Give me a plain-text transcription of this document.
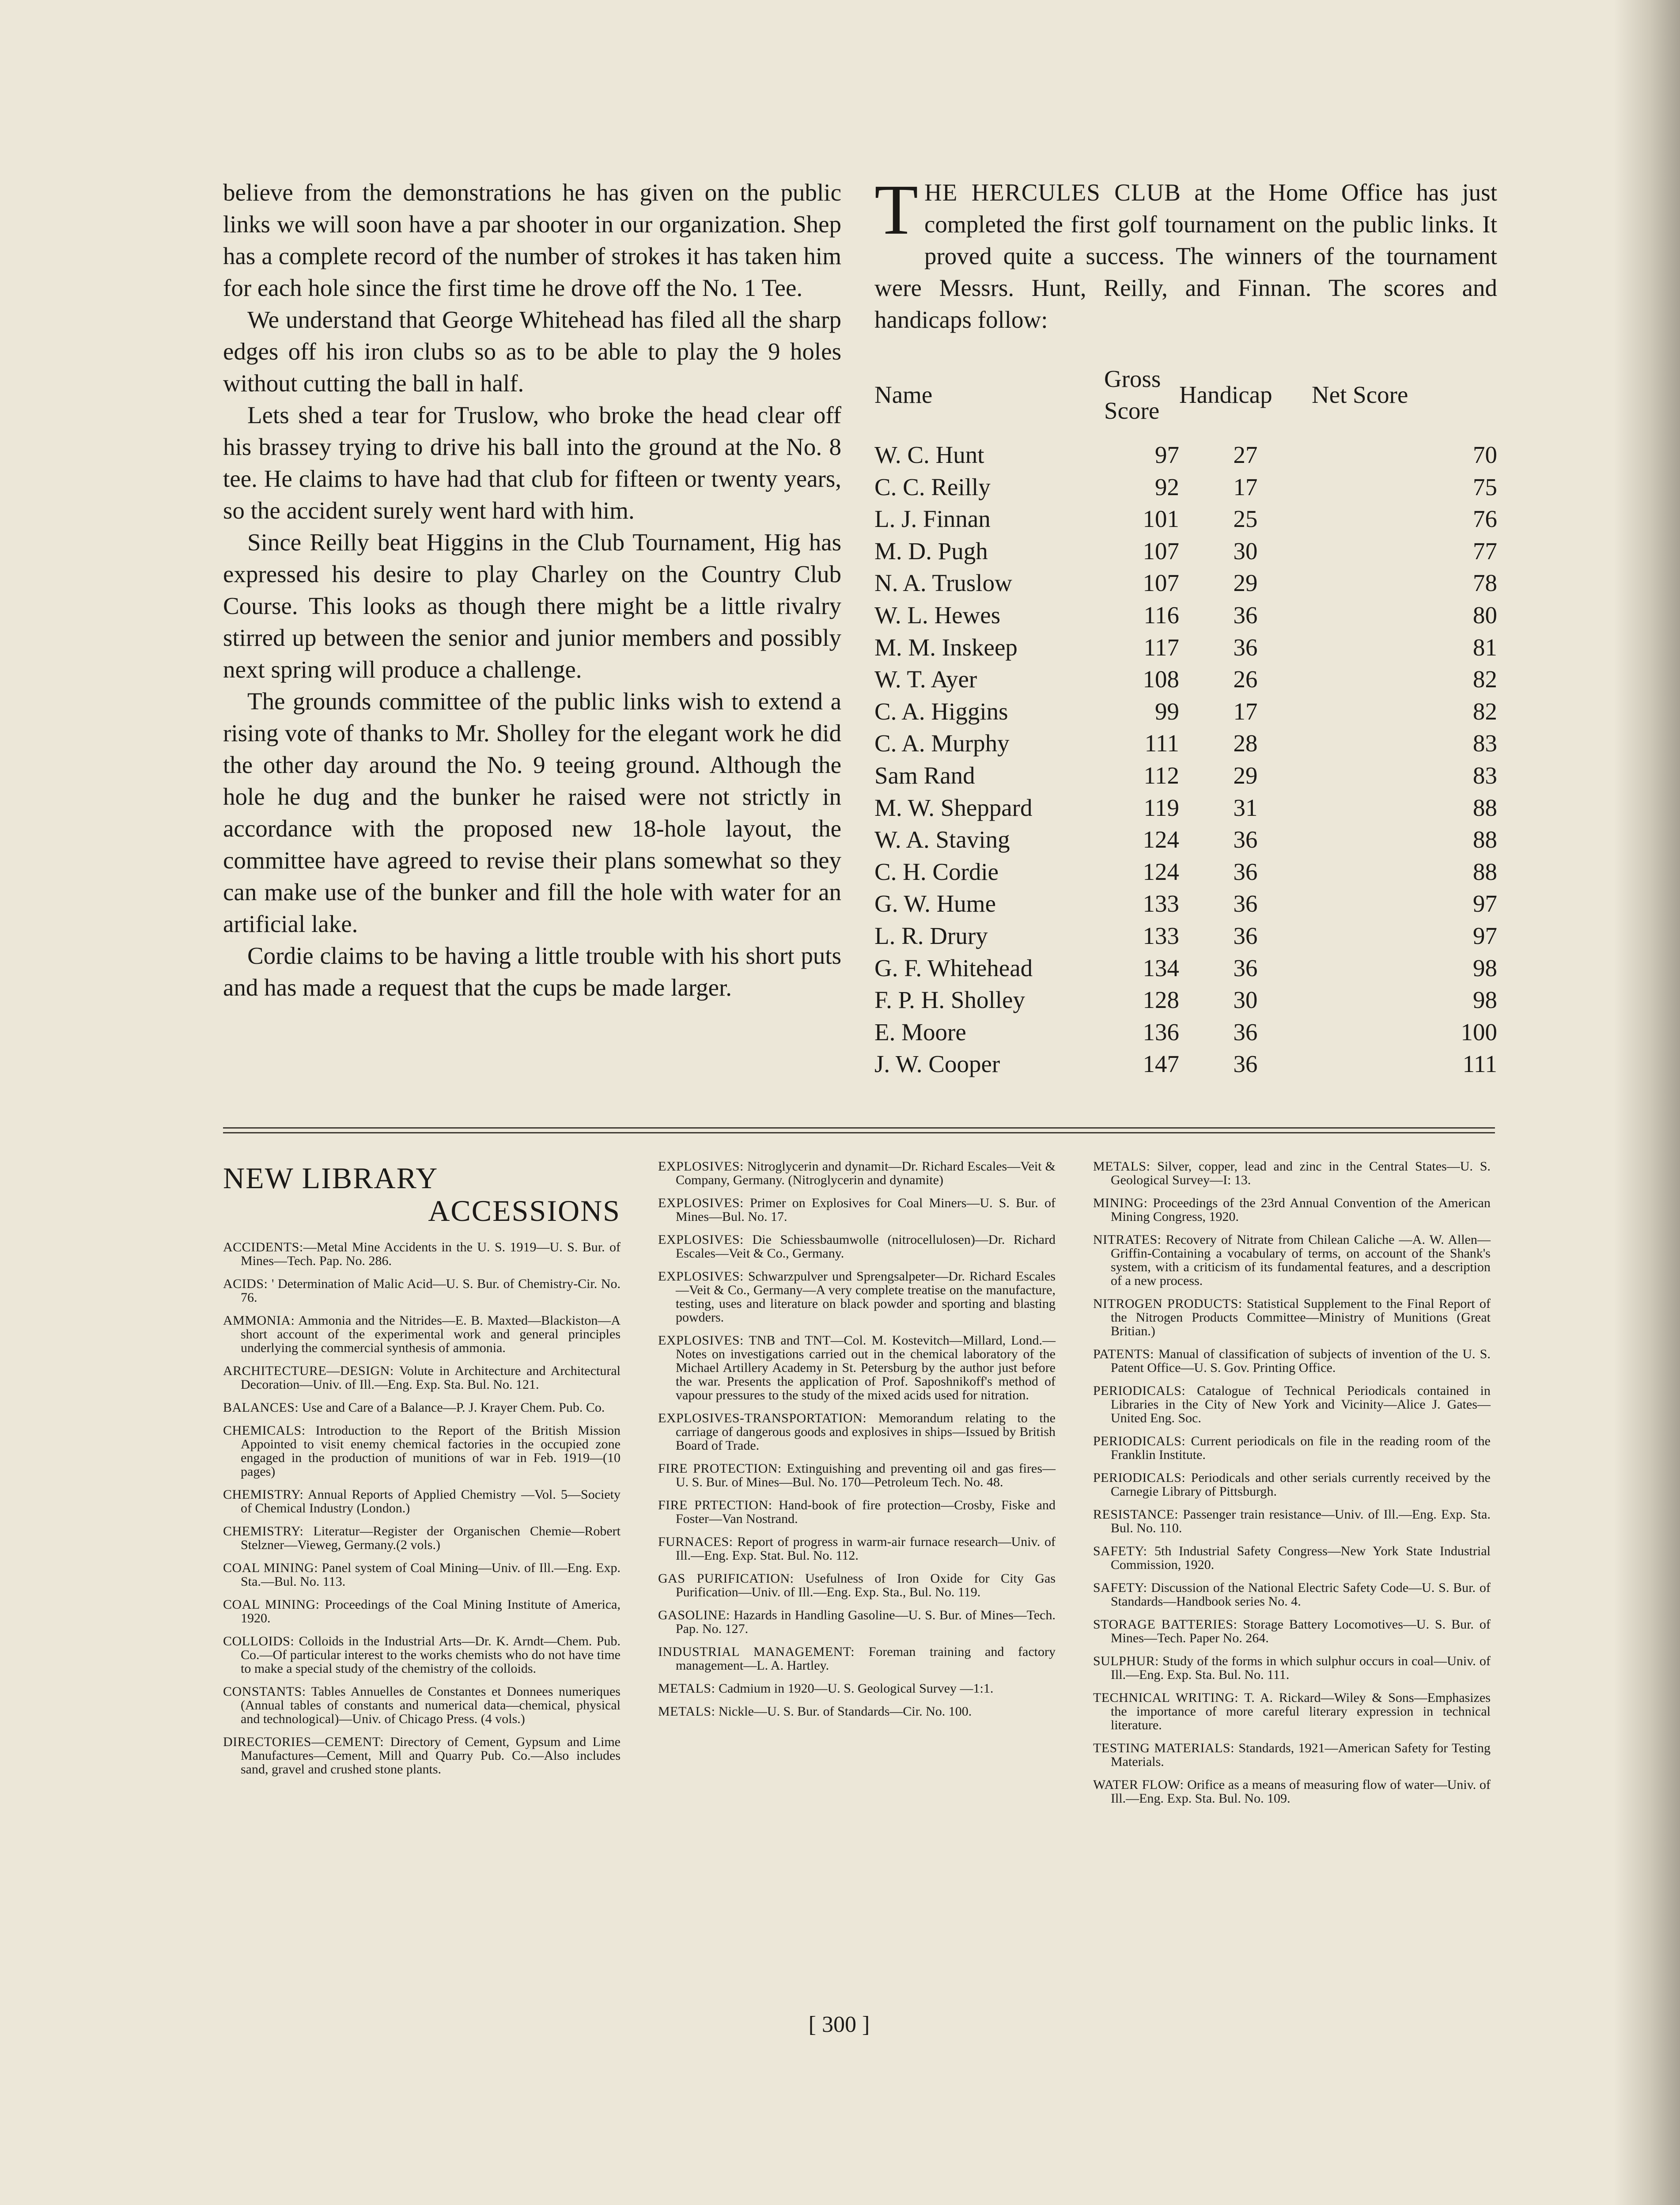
believe from the demonstrations he has given on the public links we will soon have a par shooter in our organization. Shep has a complete record of the number of strokes it has taken him for each hole since the first time he drove off the No. 1 Tee.

We understand that George Whitehead has filed all the sharp edges off his iron clubs so as to be able to play the 9 holes without cutting the ball in half.

Lets shed a tear for Truslow, who broke the head clear off his brassey trying to drive his ball into the ground at the No. 8 tee. He claims to have had that club for fifteen or twenty years, so the accident surely went hard with him.

Since Reilly beat Higgins in the Club Tournament, Hig has expressed his desire to play Charley on the Country Club Course. This looks as though there might be a little rivalry stirred up between the senior and junior members and possibly next spring will produce a challenge.

The grounds committee of the public links wish to extend a rising vote of thanks to Mr. Sholley for the elegant work he did the other day around the No. 9 teeing ground. Although the hole he dug and the bunker he raised were not strictly in accordance with the proposed new 18-hole layout, the committee have agreed to revise their plans somewhat so they can make use of the bunker and fill the hole with water for an artificial lake.

Cordie claims to be having a little trouble with his short puts and has made a request that the cups be made larger.

THE HERCULES CLUB at the Home Office has just completed the first golf tournament on the public links. It proved quite a success. The winners of the tournament were Messrs. Hunt, Reilly, and Finnan. The scores and handicaps follow:

Name	Gross Score	Handicap	Net Score
W. C. Hunt	97	27	70
C. C. Reilly	92	17	75
L. J. Finnan	101	25	76
M. D. Pugh	107	30	77
N. A. Truslow	107	29	78
W. L. Hewes	116	36	80
M. M. Inskeep	117	36	81
W. T. Ayer	108	26	82
C. A. Higgins	99	17	82
C. A. Murphy	111	28	83
Sam Rand	112	29	83
M. W. Sheppard	119	31	88
W. A. Staving	124	36	88
C. H. Cordie	124	36	88
G. W. Hume	133	36	97
L. R. Drury	133	36	97
G. F. Whitehead	134	36	98
F. P. H. Sholley	128	30	98
E. Moore	136	36	100
J. W. Cooper	147	36	111
NEW LIBRARY
ACCESSIONS

ACCIDENTS:—Metal Mine Accidents in the U. S. 1919—U. S. Bur. of Mines—Tech. Pap. No. 286.

ACIDS: ' Determination of Malic Acid—U. S. Bur. of Chemistry-Cir. No. 76.

AMMONIA: Ammonia and the Nitrides—E. B. Maxted—Blackiston—A short account of the experimental work and general principles underlying the commercial synthesis of ammonia.

ARCHITECTURE—DESIGN: Volute in Architecture and Architectural Decoration—Univ. of Ill.—Eng. Exp. Sta. Bul. No. 121.

BALANCES: Use and Care of a Balance—P. J. Krayer Chem. Pub. Co.

CHEMICALS: Introduction to the Report of the British Mission Appointed to visit enemy chemical factories in the occupied zone engaged in the production of munitions of war in Feb. 1919—(10 pages)

CHEMISTRY: Annual Reports of Applied Chemistry —Vol. 5—Society of Chemical Industry (London.)

CHEMISTRY: Literatur—Register der Organischen Chemie—Robert Stelzner—Vieweg, Germany.(2 vols.)

COAL MINING: Panel system of Coal Mining—Univ. of Ill.—Eng. Exp. Sta.—Bul. No. 113.

COAL MINING: Proceedings of the Coal Mining Institute of America, 1920.

COLLOIDS: Colloids in the Industrial Arts—Dr. K. Arndt—Chem. Pub. Co.—Of particular interest to the works chemists who do not have time to make a special study of the chemistry of the colloids.

CONSTANTS: Tables Annuelles de Constantes et Donnees numeriques (Annual tables of constants and numerical data—chemical, physical and technological)—Univ. of Chicago Press. (4 vols.)

DIRECTORIES—CEMENT: Directory of Cement, Gypsum and Lime Manufactures—Cement, Mill and Quarry Pub. Co.—Also includes sand, gravel and crushed stone plants.

EXPLOSIVES: Nitroglycerin and dynamit—Dr. Richard Escales—Veit & Company, Germany. (Nitroglycerin and dynamite)

EXPLOSIVES: Primer on Explosives for Coal Miners—U. S. Bur. of Mines—Bul. No. 17.

EXPLOSIVES: Die Schiessbaumwolle (nitrocellulosen)—Dr. Richard Escales—Veit & Co., Germany.

EXPLOSIVES: Schwarzpulver und Sprengsalpeter—Dr. Richard Escales—Veit & Co., Germany—A very complete treatise on the manufacture, testing, uses and literature on black powder and sporting and blasting powders.

EXPLOSIVES: TNB and TNT—Col. M. Kostevitch—Millard, Lond.—Notes on investigations carried out in the chemical laboratory of the Michael Artillery Academy in St. Petersburg by the author just before the war. Presents the application of Prof. Saposhnikoff's method of vapour pressures to the study of the mixed acids used for nitration.

EXPLOSIVES-TRANSPORTATION: Memorandum relating to the carriage of dangerous goods and explosives in ships—Issued by British Board of Trade.

FIRE PROTECTION: Extinguishing and preventing oil and gas fires— U. S. Bur. of Mines—Bul. No. 170—Petroleum Tech. No. 48.

FIRE PRTECTION: Hand-book of fire protection—Crosby, Fiske and Foster—Van Nostrand.

FURNACES: Report of progress in warm-air furnace research—Univ. of Ill.—Eng. Exp. Stat. Bul. No. 112.

GAS PURIFICATION: Usefulness of Iron Oxide for City Gas Purification—Univ. of Ill.—Eng. Exp. Sta., Bul. No. 119.

GASOLINE: Hazards in Handling Gasoline—U. S. Bur. of Mines—Tech. Pap. No. 127.

INDUSTRIAL MANAGEMENT: Foreman training and factory management—L. A. Hartley.

METALS: Cadmium in 1920—U. S. Geological Survey —1:1.

METALS: Nickle—U. S. Bur. of Standards—Cir. No. 100.

METALS: Silver, copper, lead and zinc in the Central States—U. S. Geological Survey—I: 13.

MINING: Proceedings of the 23rd Annual Convention of the American Mining Congress, 1920.

NITRATES: Recovery of Nitrate from Chilean Caliche —A. W. Allen—Griffin-Containing a vocabulary of terms, on account of the Shank's system, with a criticism of its fundamental features, and a description of a new process.

NITROGEN PRODUCTS: Statistical Supplement to the Final Report of the Nitrogen Products Committee—Ministry of Munitions (Great Britian.)

PATENTS: Manual of classification of subjects of invention of the U. S. Patent Office—U. S. Gov. Printing Office.

PERIODICALS: Catalogue of Technical Periodicals contained in Libraries in the City of New York and Vicinity—Alice J. Gates—United Eng. Soc.

PERIODICALS: Current periodicals on file in the reading room of the Franklin Institute.

PERIODICALS: Periodicals and other serials currently received by the Carnegie Library of Pittsburgh.

RESISTANCE: Passenger train resistance—Univ. of Ill.—Eng. Exp. Sta. Bul. No. 110.

SAFETY: 5th Industrial Safety Congress—New York State Industrial Commission, 1920.

SAFETY: Discussion of the National Electric Safety Code—U. S. Bur. of Standards—Handbook series No. 4.

STORAGE BATTERIES: Storage Battery Locomotives—U. S. Bur. of Mines—Tech. Paper No. 264.

SULPHUR: Study of the forms in which sulphur occurs in coal—Univ. of Ill.—Eng. Exp. Sta. Bul. No. 111.

TECHNICAL WRITING: T. A. Rickard—Wiley & Sons—Emphasizes the importance of more careful literary expression in technical literature.

TESTING MATERIALS: Standards, 1921—American Safety for Testing Materials.

WATER FLOW: Orifice as a means of measuring flow of water—Univ. of Ill.—Eng. Exp. Sta. Bul. No. 109.

[ 300 ]
